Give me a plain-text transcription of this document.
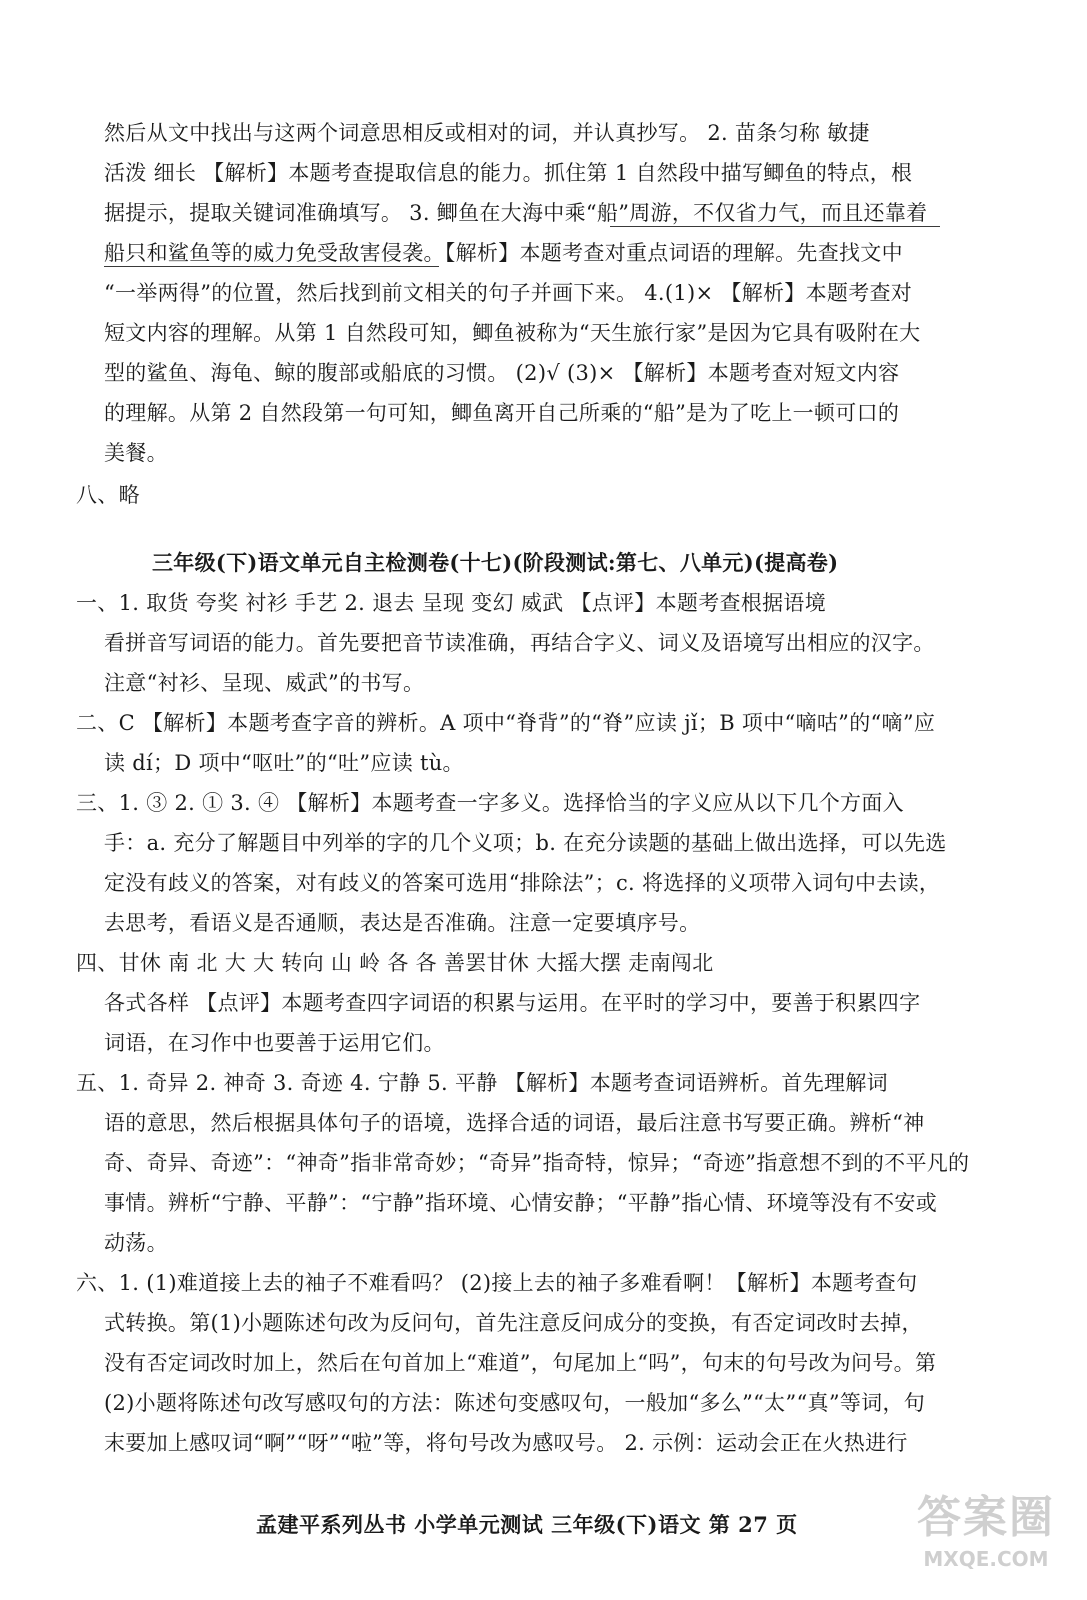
然后从文中找出与这两个词意思相反或相对的词，并认真抄写。 2. 苗条匀称 敏捷
活泼 细长 【解析】本题考查提取信息的能力。抓住第 1 自然段中描写鲫鱼的特点，根
据提示，提取关键词准确填写。 3. 鲫鱼在大海中乘“船”周游，不仅省力气，而且还靠着
船只和鲨鱼等的威力免受敌害侵袭。【解析】本题考查对重点词语的理解。先查找文中
“一举两得”的位置，然后找到前文相关的句子并画下来。 4.(1)× 【解析】本题考查对
短文内容的理解。从第 1 自然段可知，鲫鱼被称为“天生旅行家”是因为它具有吸附在大
型的鲨鱼、海龟、鲸的腹部或船底的习惯。 (2)√ (3)× 【解析】本题考查对短文内容
的理解。从第 2 自然段第一句可知，鲫鱼离开自己所乘的“船”是为了吃上一顿可口的
美餐。
八、略
三年级(下)语文单元自主检测卷(十七)(阶段测试:第七、八单元)(提高卷)
一、1. 取货 夸奖 衬衫 手艺 2. 退去 呈现 变幻 威武 【点评】本题考查根据语境
看拼音写词语的能力。首先要把音节读准确，再结合字义、词义及语境写出相应的汉字。
注意“衬衫、呈现、威武”的书写。
二、C 【解析】本题考查字音的辨析。A 项中“脊背”的“脊”应读 jǐ；B 项中“嘀咕”的“嘀”应
读 dí；D 项中“呕吐”的“吐”应读 tù。
三、1. ③ 2. ① 3. ④ 【解析】本题考查一字多义。选择恰当的字义应从以下几个方面入
手：a. 充分了解题目中列举的字的几个义项；b. 在充分读题的基础上做出选择，可以先选
定没有歧义的答案，对有歧义的答案可选用“排除法”；c. 将选择的义项带入词句中去读，
去思考，看语义是否通顺，表达是否准确。注意一定要填序号。
四、甘休 南 北 大 大 转向 山 岭 各 各 善罢甘休 大摇大摆 走南闯北
各式各样 【点评】本题考查四字词语的积累与运用。在平时的学习中，要善于积累四字
词语，在习作中也要善于运用它们。
五、1. 奇异 2. 神奇 3. 奇迹 4. 宁静 5. 平静 【解析】本题考查词语辨析。首先理解词
语的意思，然后根据具体句子的语境，选择合适的词语，最后注意书写要正确。辨析“神
奇、奇异、奇迹”：“神奇”指非常奇妙；“奇异”指奇特，惊异；“奇迹”指意想不到的不平凡的
事情。辨析“宁静、平静”：“宁静”指环境、心情安静；“平静”指心情、环境等没有不安或
动荡。
六、1. (1)难道接上去的袖子不难看吗？ (2)接上去的袖子多难看啊！【解析】本题考查句
式转换。第(1)小题陈述句改为反问句，首先注意反问成分的变换，有否定词改时去掉，
没有否定词改时加上，然后在句首加上“难道”，句尾加上“吗”，句末的句号改为问号。第
(2)小题将陈述句改写感叹句的方法：陈述句变感叹句，一般加“多么”“太”“真”等词，句
末要加上感叹词“啊”“呀”“啦”等，将句号改为感叹号。 2. 示例：运动会正在火热进行
孟建平系列丛书 小学单元测试 三年级(下)语文 第 27 页	答案圈
MXQE.COM
